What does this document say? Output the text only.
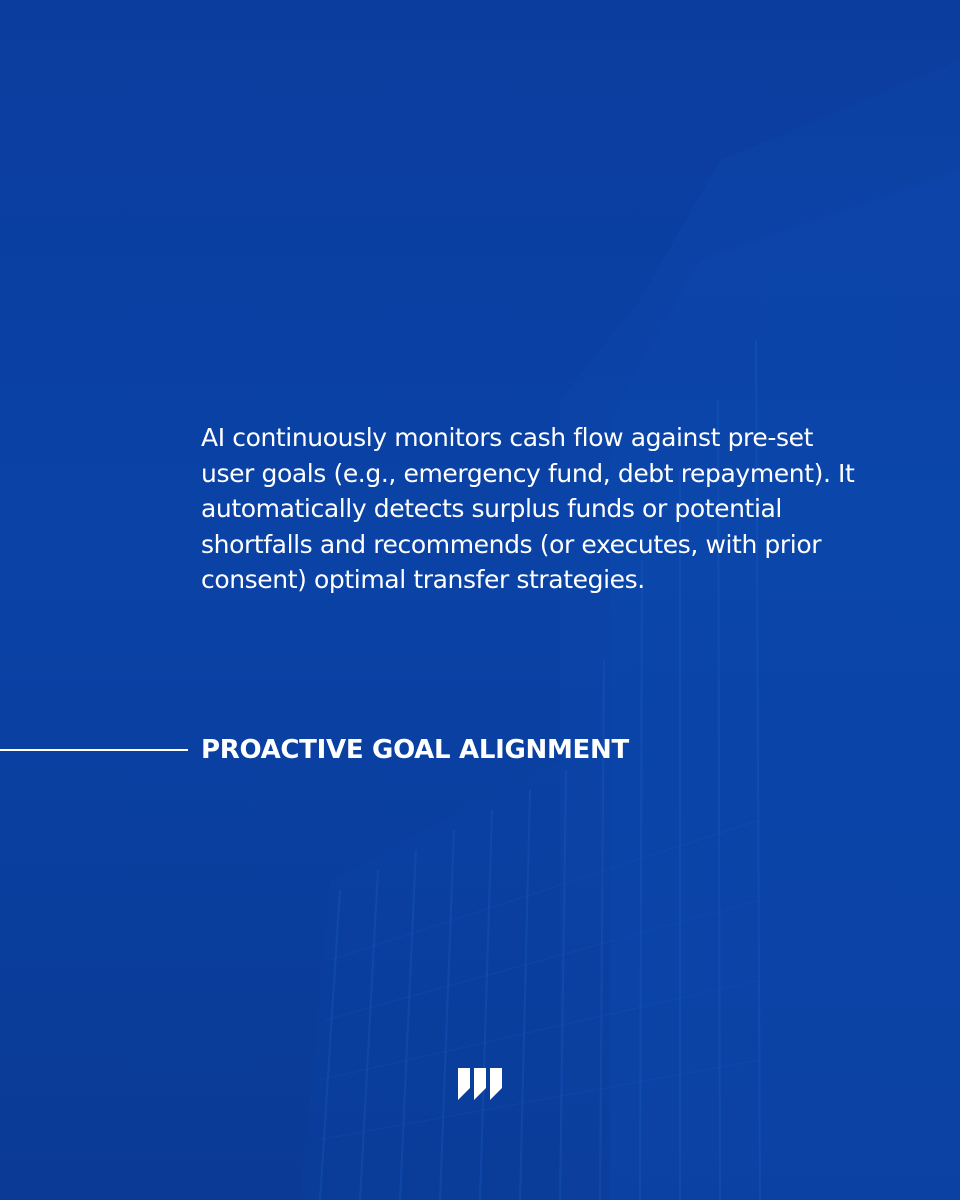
AI continuously monitors cash flow against pre-set user goals (e.g., emergency fund, debt repayment). It automatically detects surplus funds or potential shortfalls and recommends (or executes, with prior consent) optimal transfer strategies.

PROACTIVE GOAL ALIGNMENT
